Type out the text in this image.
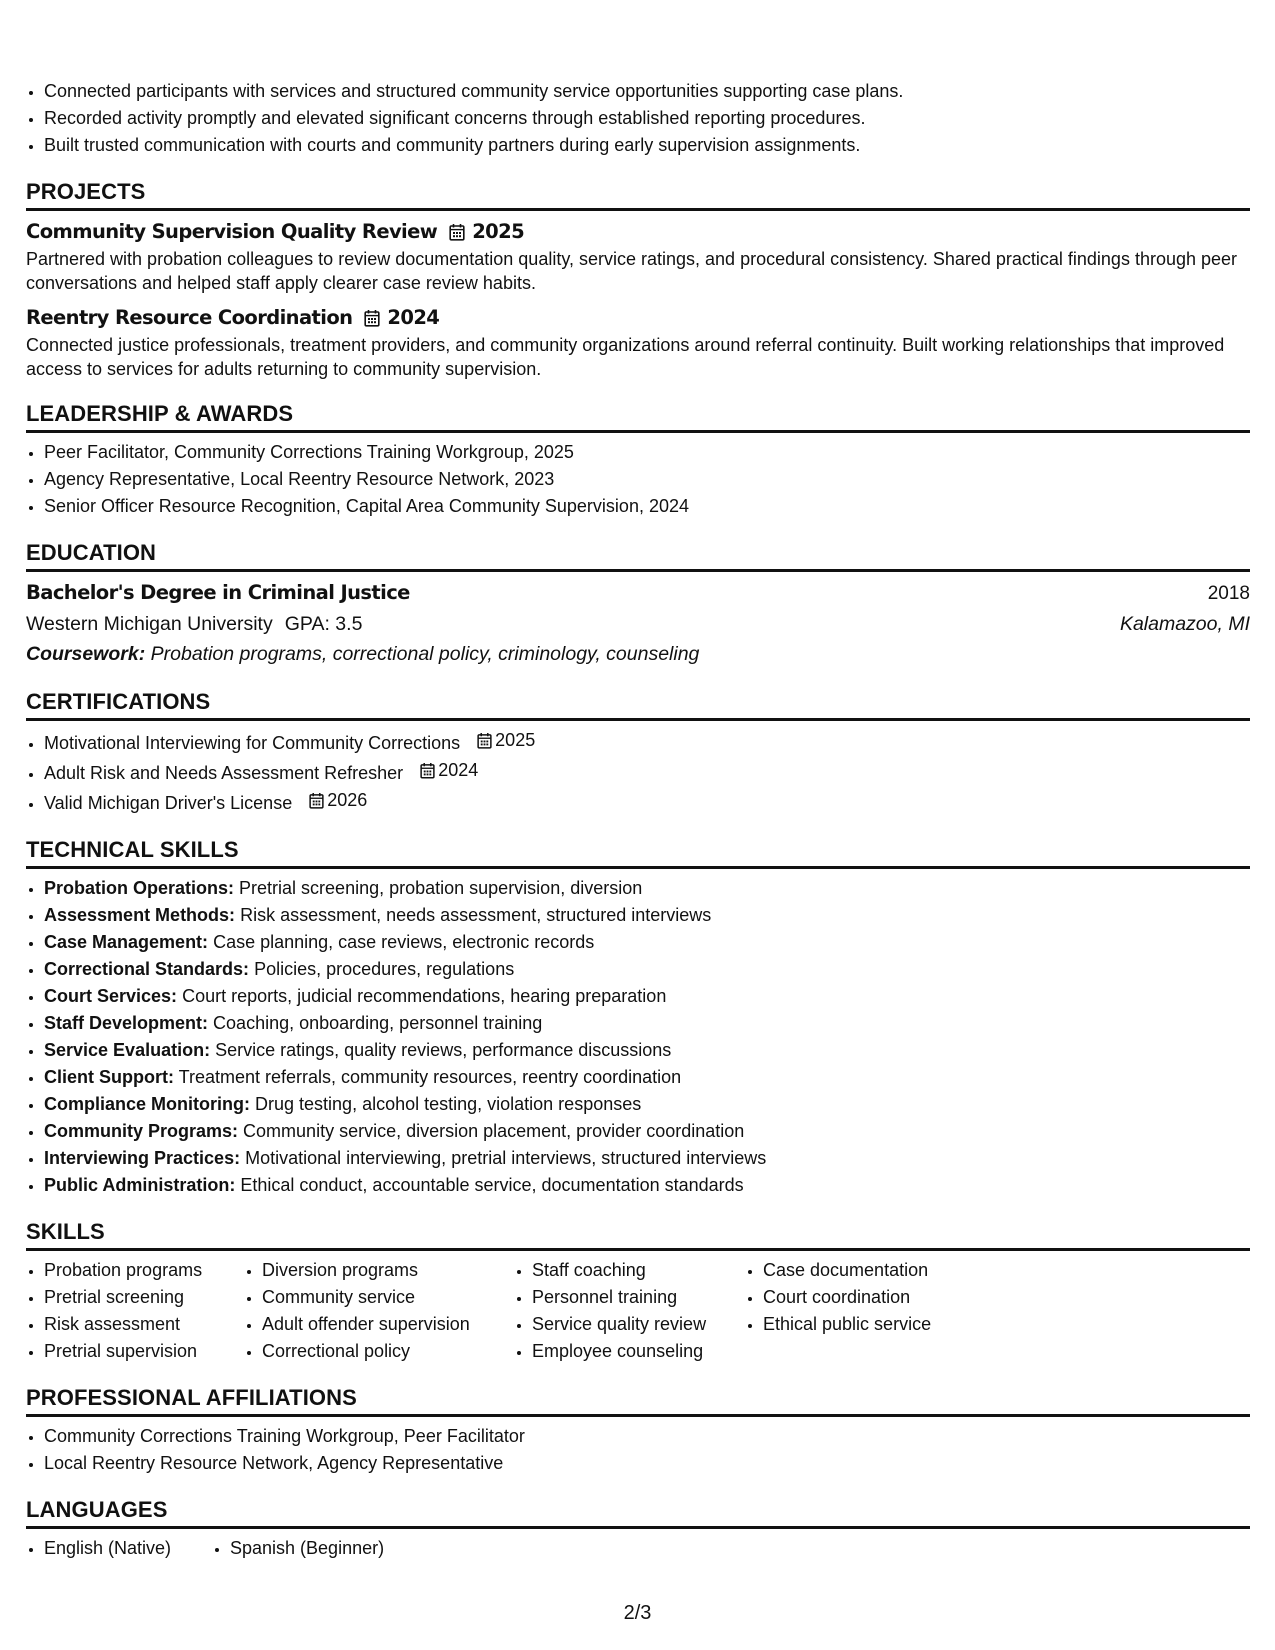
• Connected participants with services and structured community service opportunities supporting case plans.
• Recorded activity promptly and elevated significant concerns through established reporting procedures.
• Built trusted communication with courts and community partners during early supervision assignments.
PROJECTS
Community Supervision Quality Review 2025
Partnered with probation colleagues to review documentation quality, service ratings, and procedural consistency. Shared practical findings through peer conversations and helped staff apply clearer case review habits.
Reentry Resource Coordination 2024
Connected justice professionals, treatment providers, and community organizations around referral continuity. Built working relationships that improved access to services for adults returning to community supervision.
LEADERSHIP & AWARDS
• Peer Facilitator, Community Corrections Training Workgroup, 2025
• Agency Representative, Local Reentry Resource Network, 2023
• Senior Officer Resource Recognition, Capital Area Community Supervision, 2024
EDUCATION
Bachelor's Degree in Criminal Justice	2018
Western Michigan University GPA: 3.5	Kalamazoo, MI
Coursework: Probation programs, correctional policy, criminology, counseling
CERTIFICATIONS
• Motivational Interviewing for Community Corrections 2025
• Adult Risk and Needs Assessment Refresher 2024
• Valid Michigan Driver's License 2026
TECHNICAL SKILLS
• Probation Operations: Pretrial screening, probation supervision, diversion
• Assessment Methods: Risk assessment, needs assessment, structured interviews
• Case Management: Case planning, case reviews, electronic records
• Correctional Standards: Policies, procedures, regulations
• Court Services: Court reports, judicial recommendations, hearing preparation
• Staff Development: Coaching, onboarding, personnel training
• Service Evaluation: Service ratings, quality reviews, performance discussions
• Client Support: Treatment referrals, community resources, reentry coordination
• Compliance Monitoring: Drug testing, alcohol testing, violation responses
• Community Programs: Community service, diversion placement, provider coordination
• Interviewing Practices: Motivational interviewing, pretrial interviews, structured interviews
• Public Administration: Ethical conduct, accountable service, documentation standards
SKILLS
• Probation programs
• Pretrial screening
• Risk assessment
• Pretrial supervision
• Diversion programs
• Community service
• Adult offender supervision
• Correctional policy
• Staff coaching
• Personnel training
• Service quality review
• Employee counseling
• Case documentation
• Court coordination
• Ethical public service
PROFESSIONAL AFFILIATIONS
• Community Corrections Training Workgroup, Peer Facilitator
• Local Reentry Resource Network, Agency Representative
LANGUAGES
• English (Native)
•	Spanish (Beginner)
2/3
